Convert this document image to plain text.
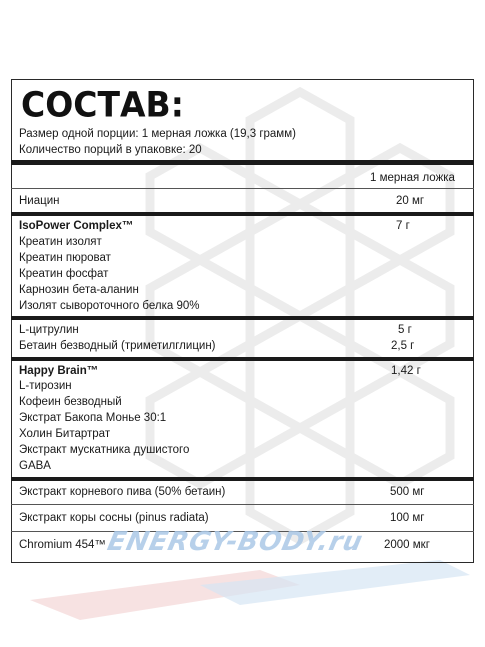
СОСТАВ:
Размер одной порции: 1 мерная ложка (19,3 грамм)
Количество порций в упаковке: 20
1 мерная ложка
Ниацин	20 мг
IsoPower Complex™	7 г
Креатин изолят
Креатин пюроват
Креатин фосфат
Карнозин бета-аланин
Изолят сывороточного белка 90%
L-цитрулин	5 г
Бетаин безводный (триметилглицин)	2,5 г
Happy Brain™	1,42 г
L-тирозин
Кофеин безводный
Экстрат Бакопа Монье 30:1
Холин Битартрат
Экстракт мускатника душистого
GABA
Экстракт корневого пива (50% бетаин)	500 мг
Экстракт коры сосны (pinus radiata)	100 мг
Chromium 454™	2000 мкг
ENERGY-BODY.ru
